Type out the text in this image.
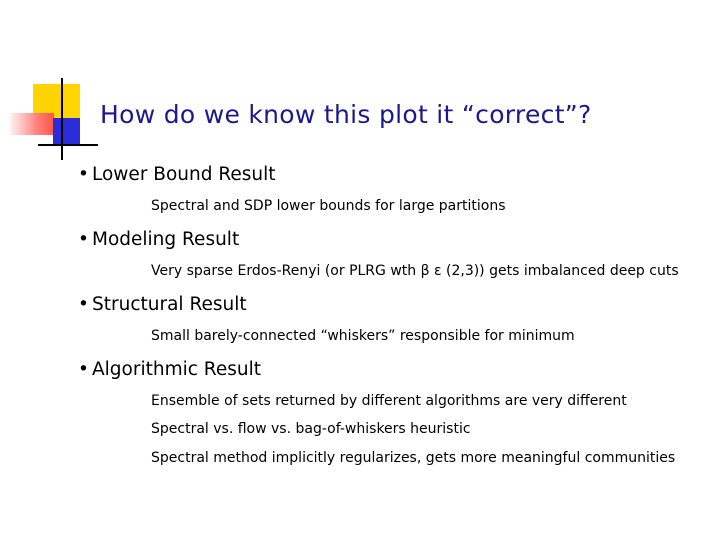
How do we know this plot it “correct”?
• Lower Bound Result
Spectral and SDP lower bounds for large partitions
• Modeling Result
Very sparse Erdos-Renyi (or PLRG wth β ε (2,3)) gets imbalanced deep cuts
• Structural Result
Small barely-connected “whiskers” responsible for minimum
• Algorithmic Result
Ensemble of sets returned by different algorithms are very different
Spectral vs. flow vs. bag-of-whiskers heuristic
Spectral method implicitly regularizes, gets more meaningful communities
